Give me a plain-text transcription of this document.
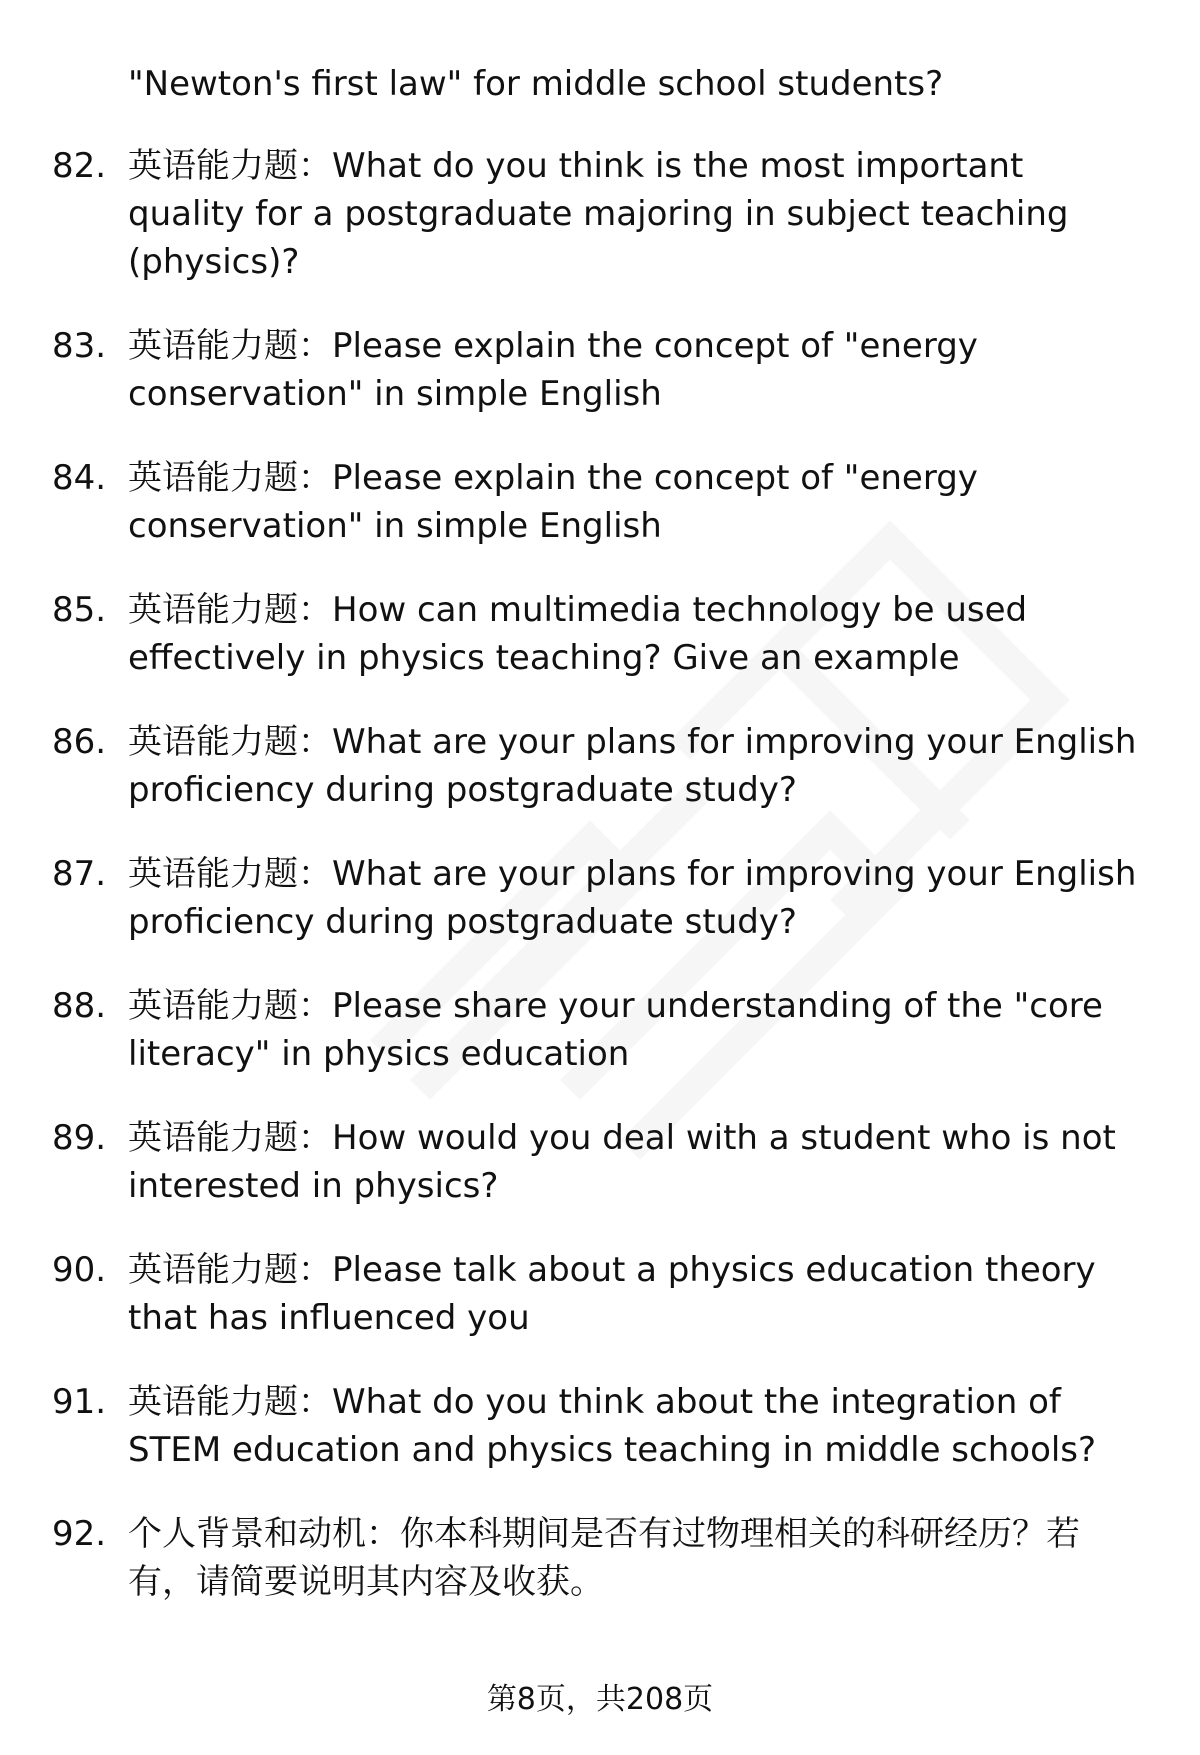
"Newton's first law" for middle school students?
82. 英语能力题：What do you think is the most important quality for a postgraduate majoring in subject teaching (physics)?
83. 英语能力题：Please explain the concept of "energy conservation" in simple English
84. 英语能力题：Please explain the concept of "energy conservation" in simple English
85. 英语能力题：How can multimedia technology be used effectively in physics teaching? Give an example
86. 英语能力题：What are your plans for improving your English proficiency during postgraduate study?
87. 英语能力题：What are your plans for improving your English proficiency during postgraduate study?
88. 英语能力题：Please share your understanding of the "core literacy" in physics education
89. 英语能力题：How would you deal with a student who is not interested in physics?
90. 英语能力题：Please talk about a physics education theory that has influenced you
91. 英语能力题：What do you think about the integration of STEM education and physics teaching in middle schools?
92. 个人背景和动机：你本科期间是否有过物理相关的科研经历？若有，请简要说明其内容及收获。
第8页，共208页
